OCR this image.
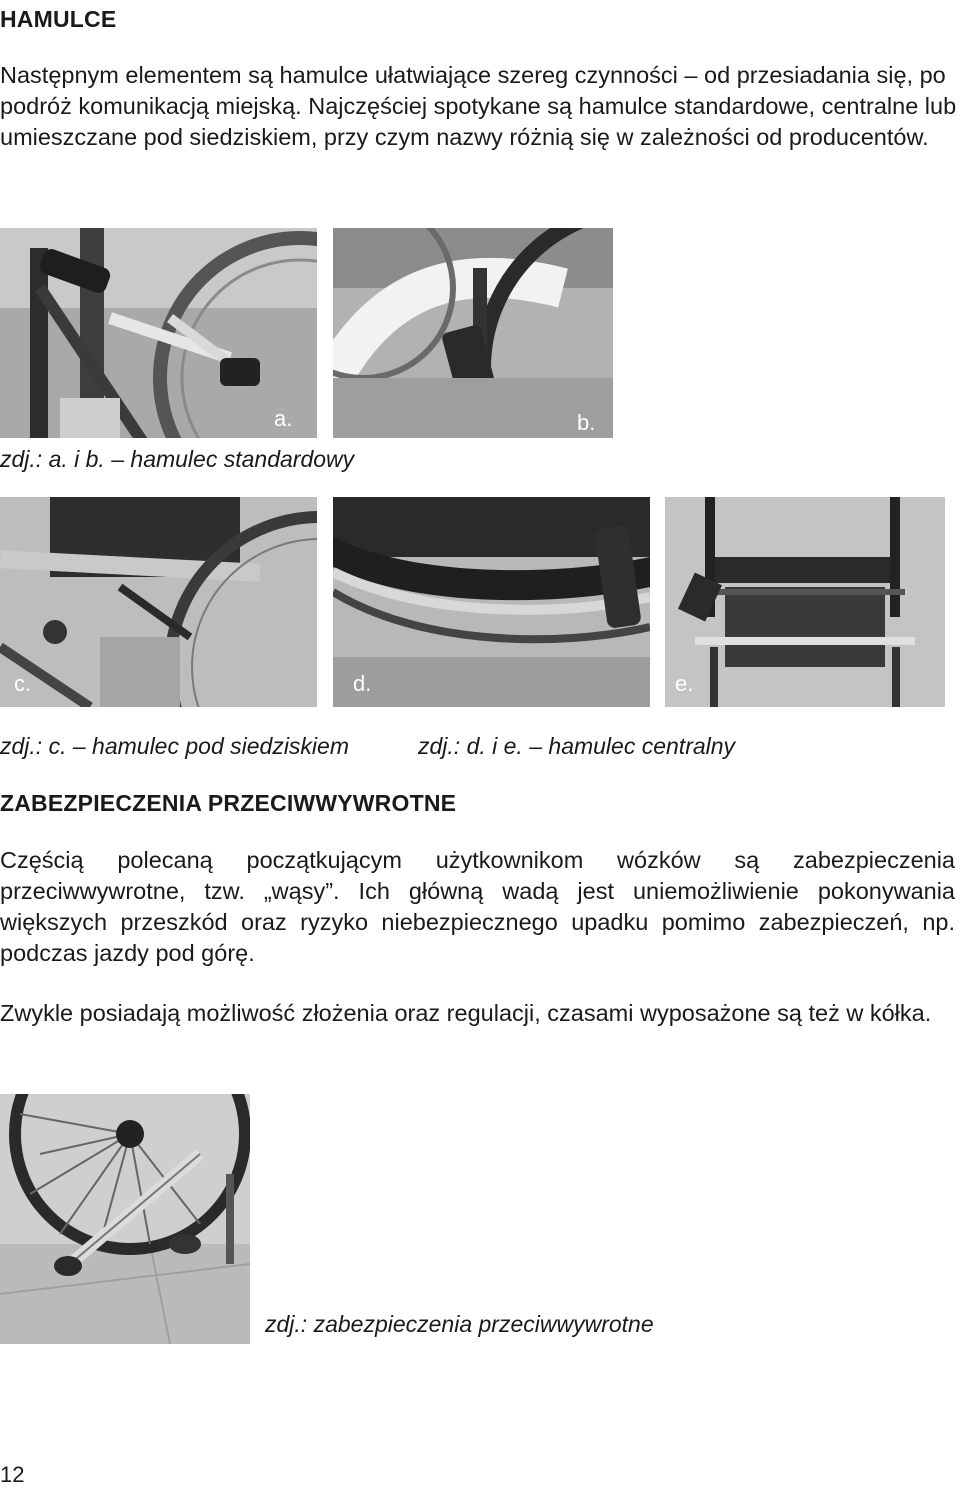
HAMULCE
Następnym elementem są hamulce ułatwiające szereg czynności – od przesiadania się, po podróż komunikacją miejską. Najczęściej spotykane są hamulce standardowe, centralne lub umieszczane pod siedziskiem, przy czym nazwy różnią się w zależności od producentów.
a.	b.
zdj.: a. i b. – hamulec standardowy
c.	d.	e.
zdj.: c. – hamulec pod siedziskiem	zdj.: d. i e. – hamulec centralny
ZABEZPIECZENIA PRZECIWWYWROTNE
Częścią polecaną początkującym użytkownikom wózków są zabezpieczenia przeciwwywrotne, tzw. „wąsy”. Ich główną wadą jest uniemożliwienie pokonywania większych przeszkód oraz ryzyko niebezpiecznego upadku pomimo zabezpieczeń, np. podczas jazdy pod górę.
Zwykle posiadają możliwość złożenia oraz regulacji, czasami wyposażone są też w kółka.
zdj.: zabezpieczenia przeciwwywrotne
12
